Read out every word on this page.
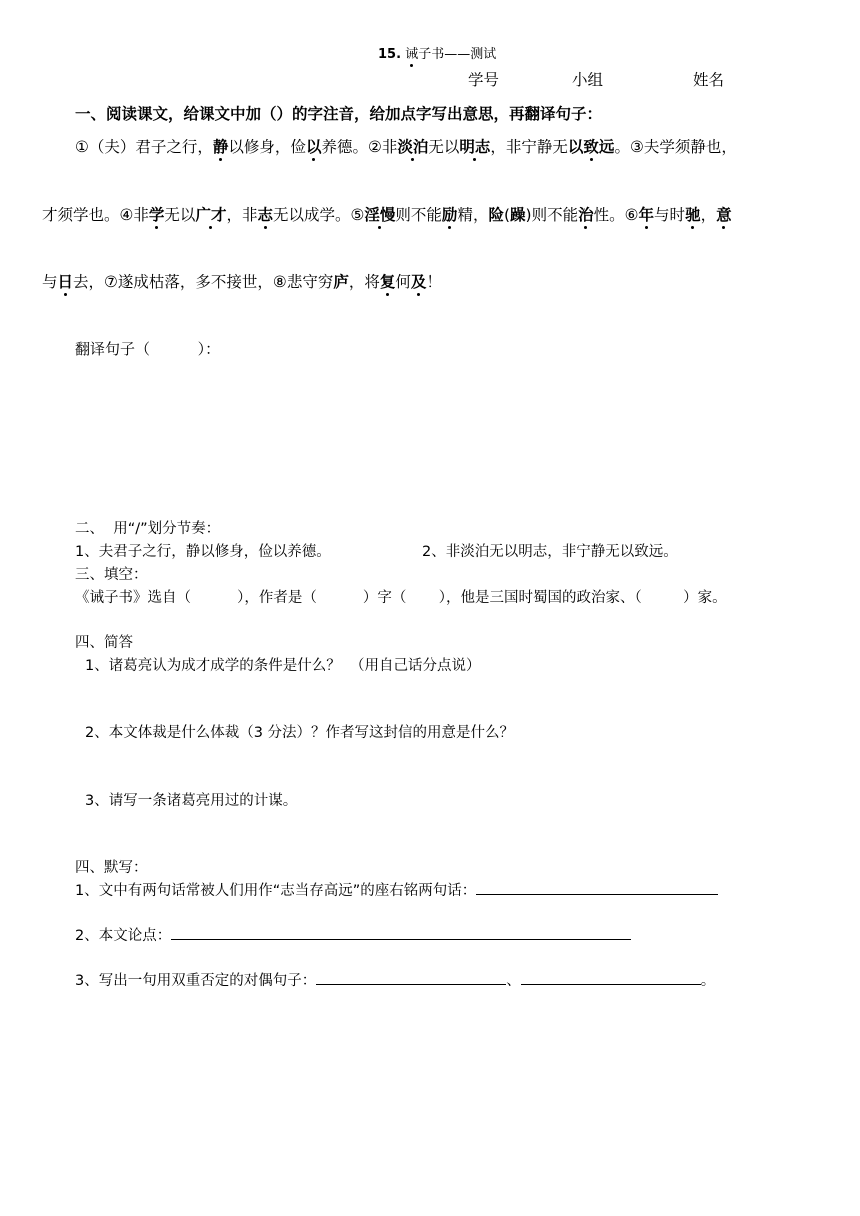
15. 诫子书——测试
学号	小组	姓名
一、阅读课文，给课文中加（）的字注音，给加点字写出意思，再翻译句子：
①（夫）君子之行，静以修身，俭以养德。②非淡泊无以明志，非宁静无以致远。③夫学须静也，
才须学也。④非学无以广才，非志无以成学。⑤淫慢则不能励精，险(躁)则不能治性。⑥年与时驰，意
与日去，⑦遂成枯落，多不接世，⑧悲守穷庐，将复何及！
翻译句子（          ）：
二、  用“/”划分节奏：
1、夫君子之行，静以修身，俭以养德。	2、非淡泊无以明志，非宁静无以致远。
三、填空：
《诫子书》选自（          ），作者是（          ）字（       ），他是三国时蜀国的政治家、（         ）家。
四、简答
1、诸葛亮认为成才成学的条件是什么？  （用自己话分点说）
2、本文体裁是什么体裁（3 分法）？作者写这封信的用意是什么？
3、请写一条诸葛亮用过的计谋。
四、默写：
1、文中有两句话常被人们用作“志当存高远”的座右铭两句话：
2、本文论点：
3、写出一句用双重否定的对偶句子：	、	。
